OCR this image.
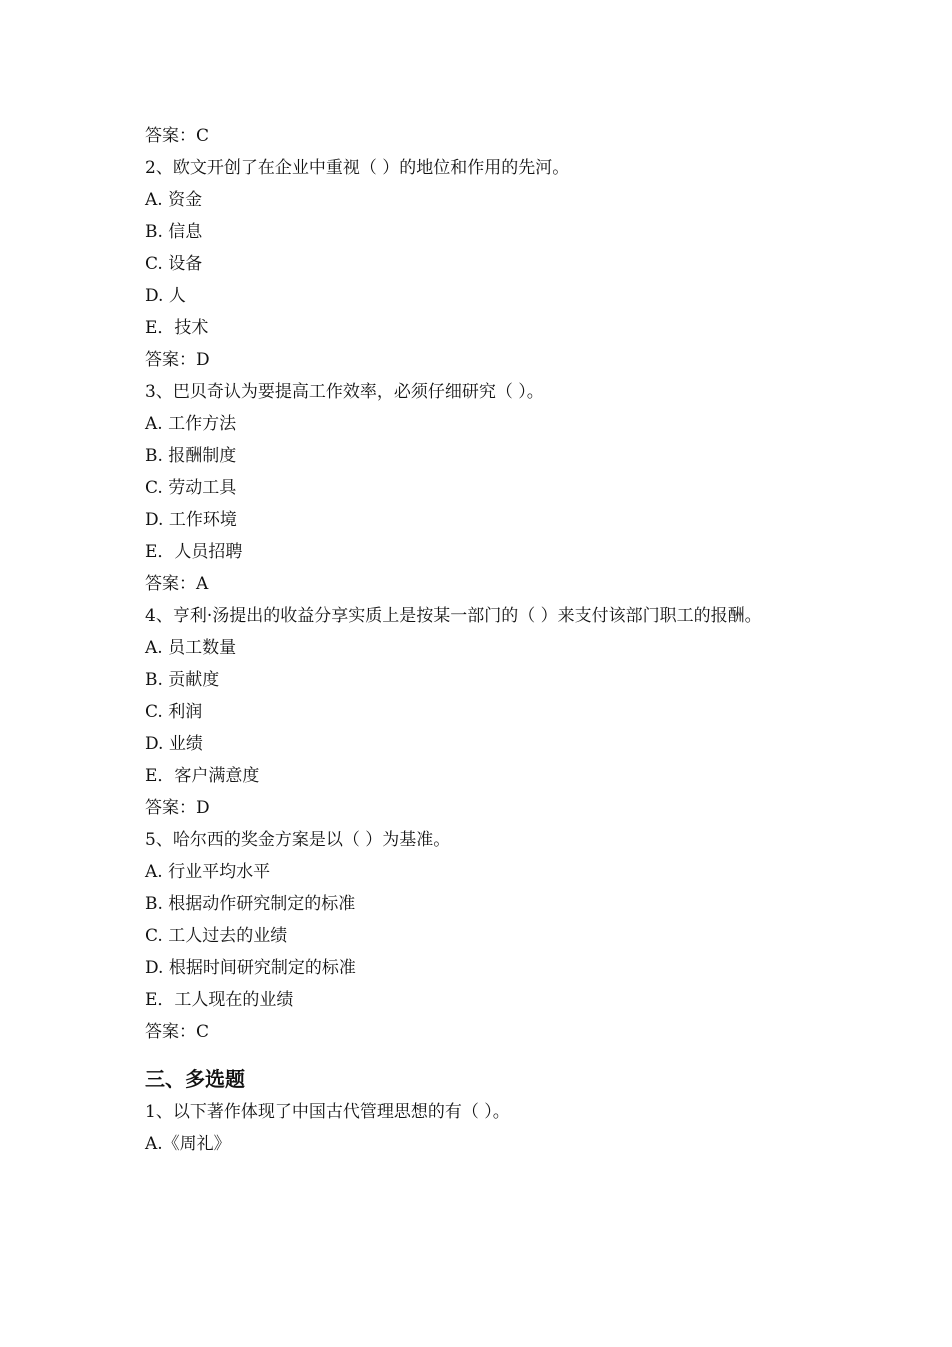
答案：C
2、欧文开创了在企业中重视（ ）的地位和作用的先河。
A. 资金
B. 信息
C. 设备
D. 人
E．技术
答案：D
3、巴贝奇认为要提高工作效率，必须仔细研究（ ）。
A. 工作方法
B. 报酬制度
C. 劳动工具
D. 工作环境
E．人员招聘
答案：A
4、亨利·汤提出的收益分享实质上是按某一部门的（ ）来支付该部门职工的报酬。
A. 员工数量
B. 贡献度
C. 利润
D. 业绩
E．客户满意度
答案：D
5、哈尔西的奖金方案是以（ ）为基准。
A. 行业平均水平
B. 根据动作研究制定的标准
C. 工人过去的业绩
D. 根据时间研究制定的标准
E．工人现在的业绩
答案：C
三、多选题
1、以下著作体现了中国古代管理思想的有（ ）。
A.《周礼》
